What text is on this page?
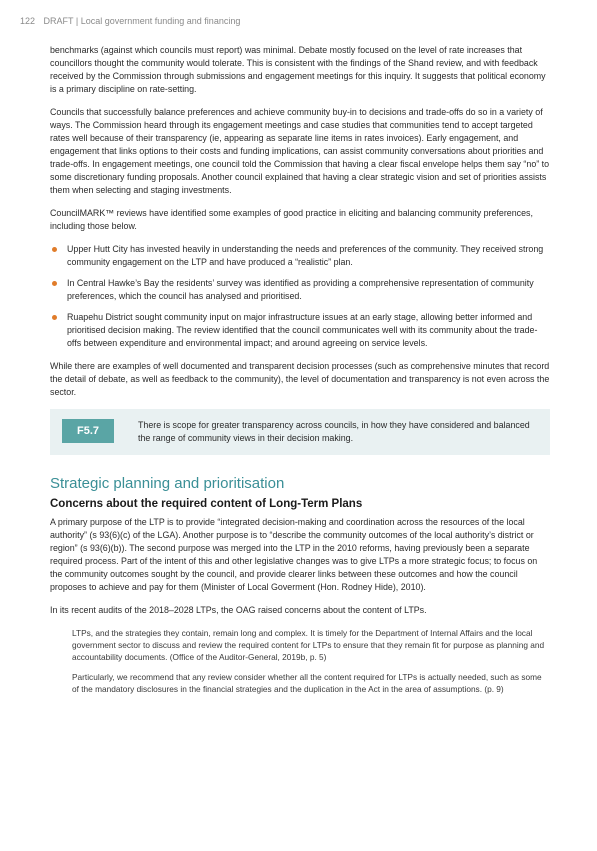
122 DRAFT | Local government funding and financing

benchmarks (against which councils must report) was minimal. Debate mostly focused on the level of rate increases that councillors thought the community would tolerate. This is consistent with the findings of the Shand review, and with feedback received by the Commission through submissions and engagement meetings for this inquiry. It suggests that political economy is a primary discipline on rate-setting.

Councils that successfully balance preferences and achieve community buy-in to decisions and trade-offs do so in a variety of ways. The Commission heard through its engagement meetings and case studies that communities tend to accept targeted rates well because of their transparency (ie, appearing as separate line items in rates invoices). Early engagement, and engagement that links options to their costs and funding implications, can assist community conversations about priorities and trade-offs. In engagement meetings, one council told the Commission that having a clear fiscal envelope helps them say “no” to some discretionary funding proposals. Another council explained that having a clear strategic vision and set of priorities assists them when selecting and staging investments.

CouncilMARK™ reviews have identified some examples of good practice in eliciting and balancing community preferences, including those below.

Upper Hutt City has invested heavily in understanding the needs and preferences of the community. They received strong community engagement on the LTP and have produced a “realistic” plan.
In Central Hawke’s Bay the residents’ survey was identified as providing a comprehensive representation of community preferences, which the council has analysed and prioritised.
Ruapehu District sought community input on major infrastructure issues at an early stage, allowing better informed and prioritised decision making. The review identified that the council communicates well with its community about the trade-offs between expenditure and environmental impact; and around agreeing on service levels.

While there are examples of well documented and transparent decision processes (such as comprehensive minutes that record the detail of debate, as well as feedback to the community), the level of documentation and transparency is not even across the sector.

F5.7	There is scope for greater transparency across councils, in how they have considered and balanced the range of community views in their decision making.
Strategic planning and prioritisation
Concerns about the required content of Long-Term Plans

A primary purpose of the LTP is to provide “integrated decision-making and coordination across the resources of the local authority” (s 93(6)(c) of the LGA). Another purpose is to “describe the community outcomes of the local authority’s district or region” (s 93(6)(b)). The second purpose was merged into the LTP in the 2010 reforms, having previously been a separate required process. Part of the intent of this and other legislative changes was to give LTPs a more strategic focus; to focus on the community outcomes sought by the council, and provide clearer links between these outcomes and how the council proposes to achieve and pay for them (Minister of Local Goverment (Hon. Rodney Hide), 2010).

In its recent audits of the 2018–2028 LTPs, the OAG raised concerns about the content of LTPs.

LTPs, and the strategies they contain, remain long and complex. It is timely for the Department of Internal Affairs and the local government sector to discuss and review the required content for LTPs to ensure that they remain fit for purpose as planning and accountability documents. (Office of the Auditor-General, 2019b, p. 5)

Particularly, we recommend that any review consider whether all the content required for LTPs is actually needed, such as some of the mandatory disclosures in the financial strategies and the duplication in the Act in the area of assumptions. (p. 9)
